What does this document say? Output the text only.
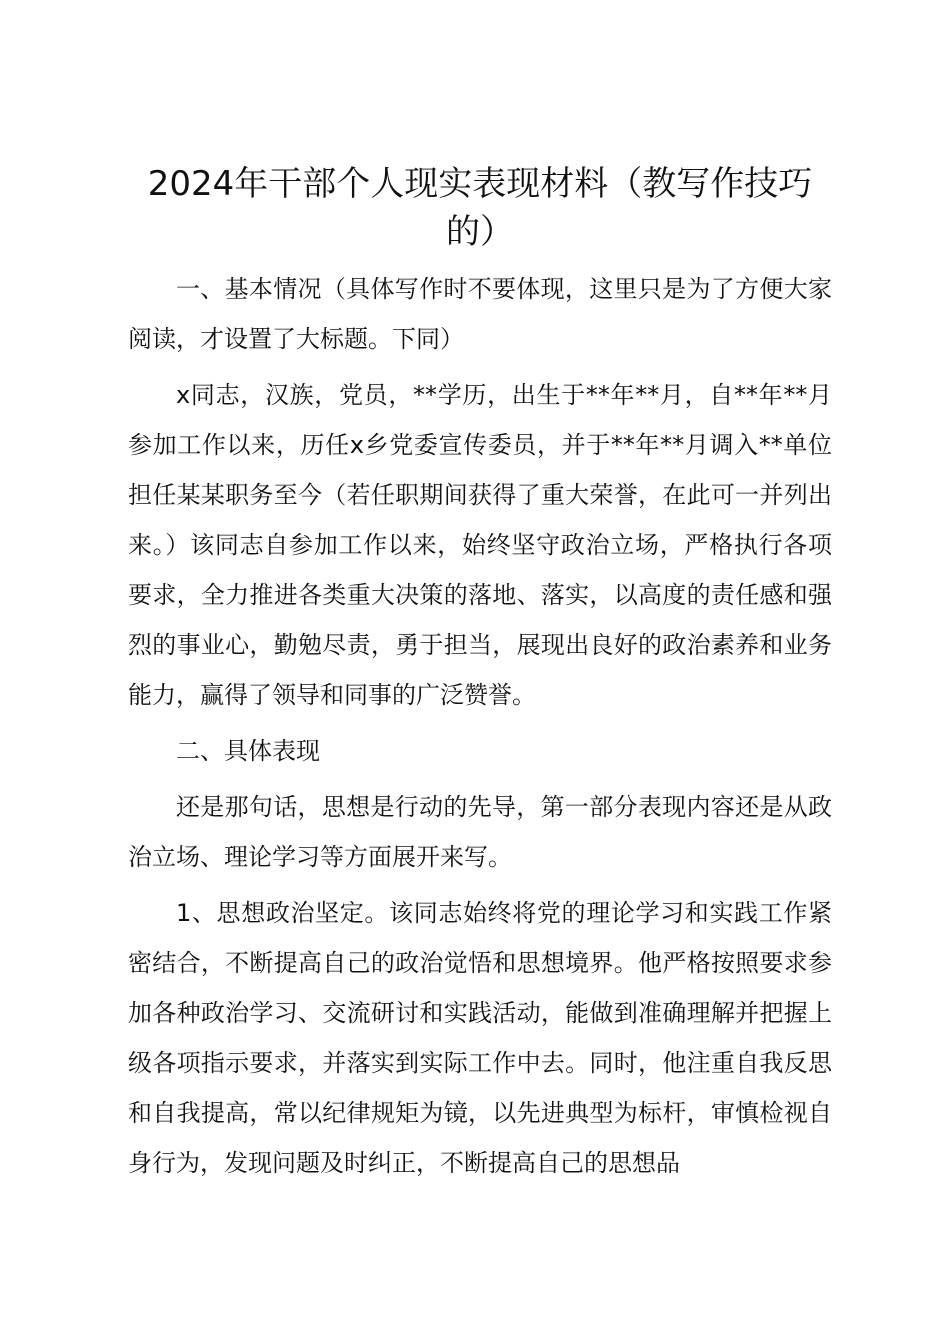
2024年干部个人现实表现材料（教写作技巧的）

一、基本情况（具体写作时不要体现，这里只是为了方便大家阅读，才设置了大标题。下同）

x同志，汉族，党员，**学历，出生于**年**月，自**年**月参加工作以来，历任x乡党委宣传委员，并于**年**月调入**单位担任某某职务至今（若任职期间获得了重大荣誉，在此可一并列出来。）该同志自参加工作以来，始终坚守政治立场，严格执行各项要求，全力推进各类重大决策的落地、落实，以高度的责任感和强烈的事业心，勤勉尽责，勇于担当，展现出良好的政治素养和业务能力，赢得了领导和同事的广泛赞誉。

二、具体表现

还是那句话，思想是行动的先导，第一部分表现内容还是从政治立场、理论学习等方面展开来写。

1、思想政治坚定。该同志始终将党的理论学习和实践工作紧密结合，不断提高自己的政治觉悟和思想境界。他严格按照要求参加各种政治学习、交流研讨和实践活动，能做到准确理解并把握上级各项指示要求，并落实到实际工作中去。同时，他注重自我反思和自我提高，常以纪律规矩为镜，以先进典型为标杆，审慎检视自身行为，发现问题及时纠正，不断提高自己的思想品
